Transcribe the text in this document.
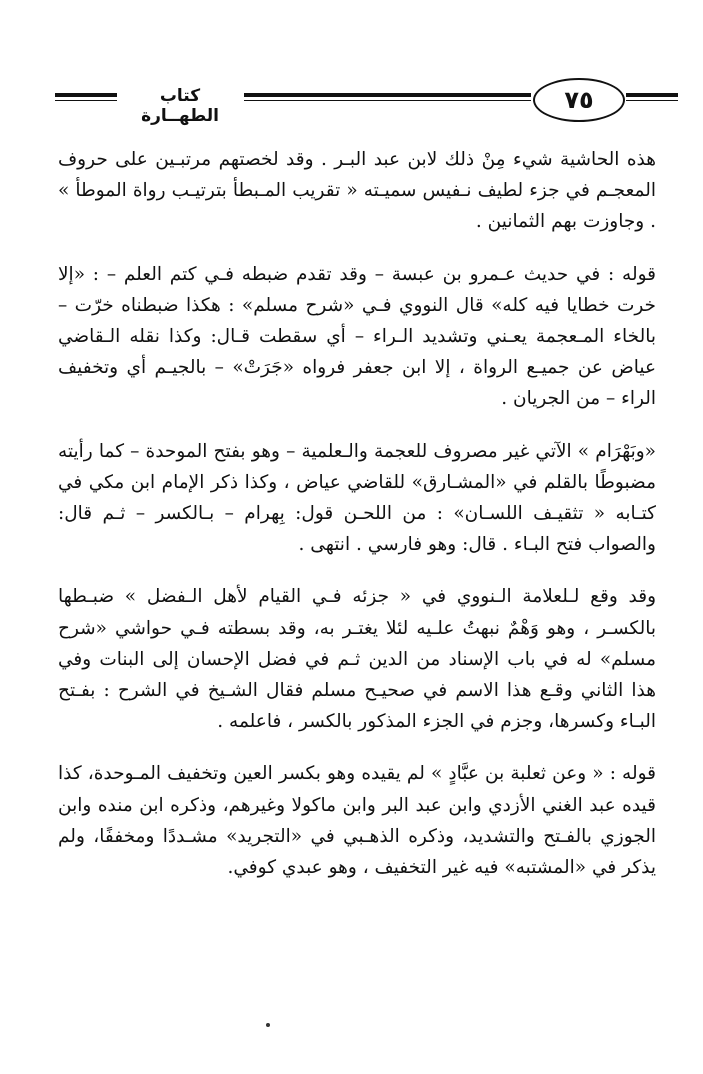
كتاب الطهــارة
٧٥

هذه الحاشية شيء مِنْ ذلك لابن عبد البـر . وقد لخصتهم مرتبـين على حروف المعجـم في جزء لطيف نـفيس سميـته « تقريب المـبطأ بترتيـب رواة الموطأ » . وجاوزت بهم الثمانين .

قوله : في حديث عـمرو بن عبسة – وقد تقدم ضبطه فـي كتم العلم – : «إلا خرت خطايا فيه كله» قال النووي فـي «شرح مسلم» : هكذا ضبطناه خرّت – بالخاء المـعجمة يعـني وتشديد الـراء – أي سقطت قـال: وكذا نقله الـقاضي عياض عن جميـع الرواة ، إلا ابن جعفر فرواه «جَرَتْ» – بالجيـم أي وتخفيف الراء – من الجريان .

«وبَهْرَام » الآتي غير مصروف للعجمة والـعلمية – وهو بفتح الموحدة – كما رأيته مضبوطًا بالقلم في «المشـارق» للقاضي عياض ، وكذا ذكر الإمام ابن مكي في كتـابه « تثقيـف اللسـان» : من اللحـن قول: بِهرام – بـالكسر – ثـم قال: والصواب فتح البـاء . قال: وهو فارسي . انتهى .

وقد وقع لـلعلامة الـنووي في « جزئه فـي القيام لأهل الـفضل » ضبـطها بالكسـر ، وهو وَهْمٌ نبهتُ علـيه لئلا يغتـر به، وقد بسطته فـي حواشي «شرح مسلم» له في باب الإسناد من الدين ثـم في فضل الإحسان إلى البنات وفي هذا الثاني وقـع هذا الاسم في صحيـح مسلم فقال الشـيخ في الشرح : بفـتح البـاء وكسرها، وجزم في الجزء المذكور بالكسر ، فاعلمه .

قوله : « وعن ثعلبة بن عبَّادٍ » لم يقيده وهو بكسر العين وتخفيف المـوحدة، كذا قيده عبد الغني الأزدي وابن عبد البر وابن ماكولا وغيرهم، وذكره ابن منده وابن الجوزي بالفـتح والتشديد، وذكره الذهـبي في «التجريد» مشـددًا ومخففًا، ولم يذكر في «المشتبه» فيه غير التخفيف ، وهو عبدي كوفي.
